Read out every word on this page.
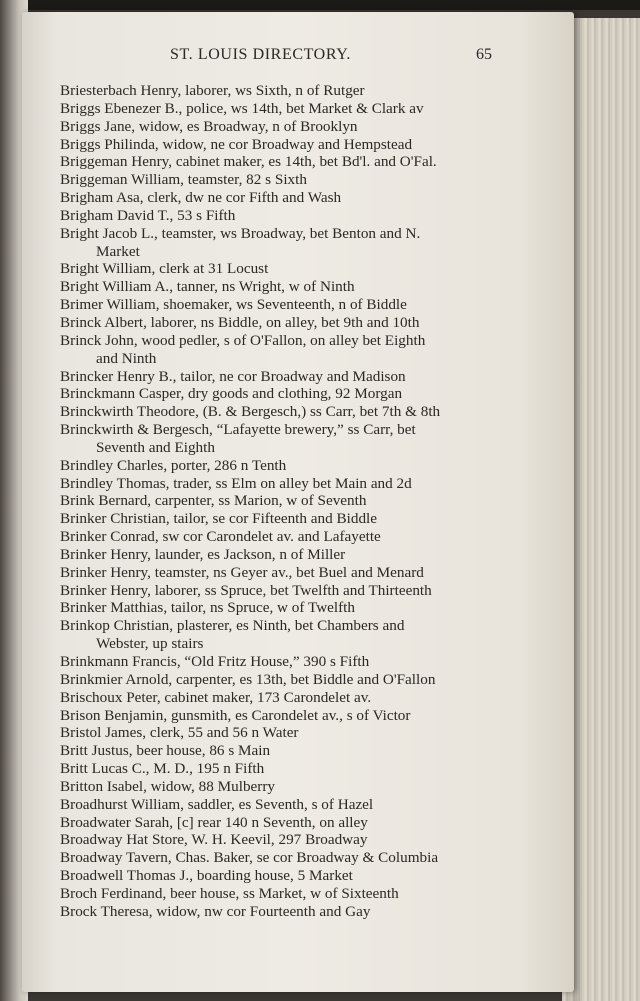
ST. LOUIS DIRECTORY.	65
Briesterbach Henry, laborer, ws Sixth, n of Rutger
Briggs Ebenezer B., police, ws 14th, bet Market & Clark av
Briggs Jane, widow, es Broadway, n of Brooklyn
Briggs Philinda, widow, ne cor Broadway and Hempstead
Briggeman Henry, cabinet maker, es 14th, bet Bd'l. and O'Fal.
Briggeman William, teamster, 82 s Sixth
Brigham Asa, clerk, dw ne cor Fifth and Wash
Brigham David T., 53 s Fifth
Bright Jacob L., teamster, ws Broadway, bet Benton and N.
Market
Bright William, clerk at 31 Locust
Bright William A., tanner, ns Wright, w of Ninth
Brimer William, shoemaker, ws Seventeenth, n of Biddle
Brinck Albert, laborer, ns Biddle, on alley, bet 9th and 10th
Brinck John, wood pedler, s of O'Fallon, on alley bet Eighth
and Ninth
Brincker Henry B., tailor, ne cor Broadway and Madison
Brinckmann Casper, dry goods and clothing, 92 Morgan
Brinckwirth Theodore, (B. & Bergesch,) ss Carr, bet 7th & 8th
Brinckwirth & Bergesch, “Lafayette brewery,” ss Carr, bet
Seventh and Eighth
Brindley Charles, porter, 286 n Tenth
Brindley Thomas, trader, ss Elm on alley bet Main and 2d
Brink Bernard, carpenter, ss Marion, w of Seventh
Brinker Christian, tailor, se cor Fifteenth and Biddle
Brinker Conrad, sw cor Carondelet av. and Lafayette
Brinker Henry, launder, es Jackson, n of Miller
Brinker Henry, teamster, ns Geyer av., bet Buel and Menard
Brinker Henry, laborer, ss Spruce, bet Twelfth and Thirteenth
Brinker Matthias, tailor, ns Spruce, w of Twelfth
Brinkop Christian, plasterer, es Ninth, bet Chambers and
Webster, up stairs
Brinkmann Francis, “Old Fritz House,” 390 s Fifth
Brinkmier Arnold, carpenter, es 13th, bet Biddle and O'Fallon
Brischoux Peter, cabinet maker, 173 Carondelet av.
Brison Benjamin, gunsmith, es Carondelet av., s of Victor
Bristol James, clerk, 55 and 56 n Water
Britt Justus, beer house, 86 s Main
Britt Lucas C., M. D., 195 n Fifth
Britton Isabel, widow, 88 Mulberry
Broadhurst William, saddler, es Seventh, s of Hazel
Broadwater Sarah, [c] rear 140 n Seventh, on alley
Broadway Hat Store, W. H. Keevil, 297 Broadway
Broadway Tavern, Chas. Baker, se cor Broadway & Columbia
Broadwell Thomas J., boarding house, 5 Market
Broch Ferdinand, beer house, ss Market, w of Sixteenth
Brock Theresa, widow, nw cor Fourteenth and Gay
